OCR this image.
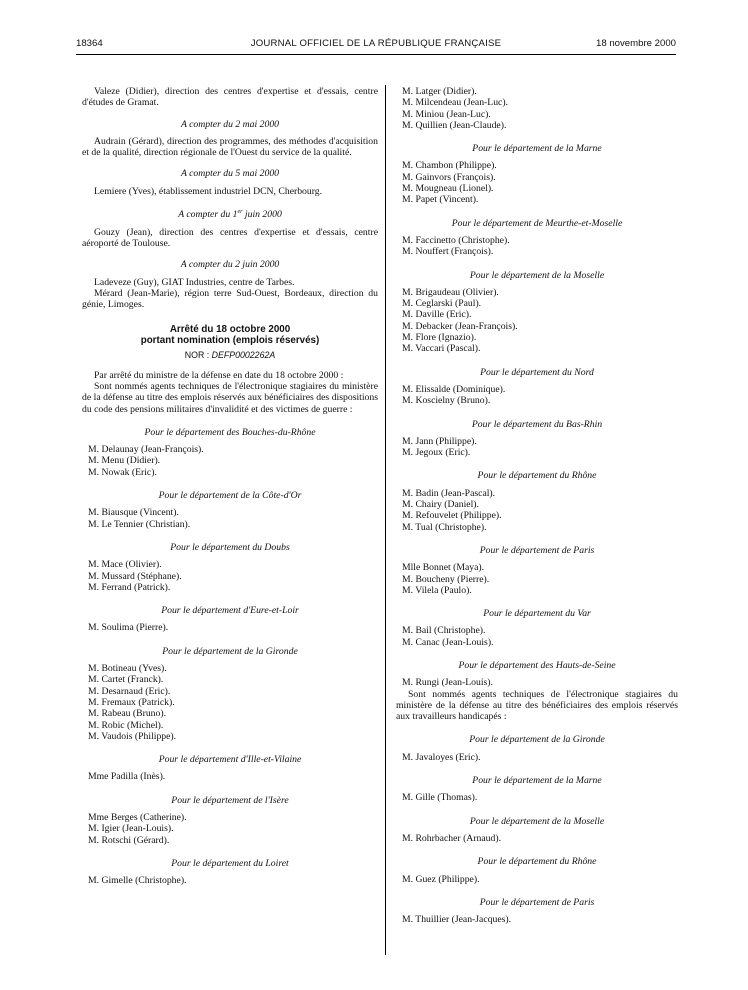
18364	JOURNAL OFFICIEL DE LA RÉPUBLIQUE FRANÇAISE	18 novembre 2000

Valeze (Didier), direction des centres d'expertise et d'essais, centre d'études de Gramat.

A compter du 2 mai 2000

Audrain (Gérard), direction des programmes, des méthodes d'acquisition et de la qualité, direction régionale de l'Ouest du service de la qualité.

A compter du 5 mai 2000

Lemiere (Yves), établissement industriel DCN, Cherbourg.

A compter du 1er juin 2000

Gouzy (Jean), direction des centres d'expertise et d'essais, centre aéroporté de Toulouse.

A compter du 2 juin 2000

Ladeveze (Guy), GIAT Industries, centre de Tarbes.

Mérard (Jean-Marie), région terre Sud-Ouest, Bordeaux, direction du génie, Limoges.

Arrêté du 18 octobre 2000

portant nomination (emplois réservés)

NOR : DEFP0002262A

Par arrêté du ministre de la défense en date du 18 octobre 2000 :

Sont nommés agents techniques de l'électronique stagiaires du ministère de la défense au titre des emplois réservés aux bénéficiaires des dispositions du code des pensions militaires d'invalidité et des victimes de guerre :

Pour le département des Bouches-du-Rhône

M. Delaunay (Jean-François).

M. Menu (Didier).

M. Nowak (Eric).

Pour le département de la Côte-d'Or

M. Biausque (Vincent).

M. Le Tennier (Christian).

Pour le département du Doubs

M. Mace (Olivier).

M. Mussard (Stéphane).

M. Ferrand (Patrick).

Pour le département d'Eure-et-Loir

M. Soulima (Pierre).

Pour le département de la Gironde

M. Botineau (Yves).

M. Cartet (Franck).

M. Desarnaud (Eric).

M. Fremaux (Patrick).

M. Rabeau (Bruno).

M. Robic (Michel).

M. Vaudois (Philippe).

Pour le département d'Ille-et-Vilaine

Mme Padilla (Inès).

Pour le département de l'Isère

Mme Berges (Catherine).

M. Igier (Jean-Louis).

M. Rotschi (Gérard).

Pour le département du Loiret

M. Gimelle (Christophe).

M. Latger (Didier).

M. Milcendeau (Jean-Luc).

M. Miniou (Jean-Luc).

M. Quillien (Jean-Claude).

Pour le département de la Marne

M. Chambon (Philippe).

M. Gainvors (François).

M. Mougneau (Lionel).

M. Papet (Vincent).

Pour le département de Meurthe-et-Moselle

M. Faccinetto (Christophe).

M. Nouffert (François).

Pour le département de la Moselle

M. Brigaudeau (Olivier).

M. Ceglarski (Paul).

M. Daville (Eric).

M. Debacker (Jean-François).

M. Flore (Ignazio).

M. Vaccari (Pascal).

Pour le département du Nord

M. Elissalde (Dominique).

M. Koscielny (Bruno).

Pour le département du Bas-Rhin

M. Jann (Philippe).

M. Jegoux (Eric).

Pour le département du Rhône

M. Badin (Jean-Pascal).

M. Chairy (Daniel).

M. Refouvelet (Philippe).

M. Tual (Christophe).

Pour le département de Paris

Mlle Bonnet (Maya).

M. Boucheny (Pierre).

M. Vilela (Paulo).

Pour le département du Var

M. Bail (Christophe).

M. Canac (Jean-Louis).

Pour le département des Hauts-de-Seine

M. Rungi (Jean-Louis).

Sont nommés agents techniques de l'électronique stagiaires du ministère de la défense au titre des bénéficiaires des emplois réservés aux travailleurs handicapés :

Pour le département de la Gironde

M. Javaloyes (Eric).

Pour le département de la Marne

M. Gille (Thomas).

Pour le département de la Moselle

M. Rohrbacher (Arnaud).

Pour le département du Rhône

M. Guez (Philippe).

Pour le département de Paris

M. Thuillier (Jean-Jacques).
